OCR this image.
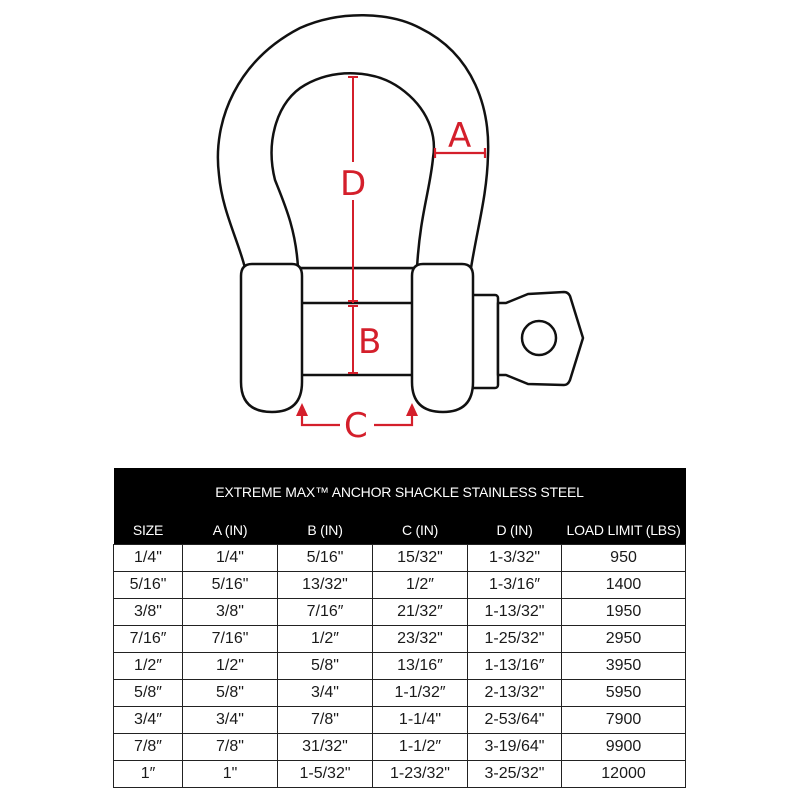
A
D
B
C
EXTREME MAX™ ANCHOR SHACKLE STAINLESS STEEL					
SIZE	A (IN)	B (IN)	C (IN)	D (IN)	LOAD LIMIT (LBS)
1/4"	1/4"	5/16"	15/32"	1-3/32"	950
5/16"	5/16"	13/32"	1/2″	1-3/16″	1400
3/8"	3/8"	7/16″	21/32″	1-13/32"	1950
7/16″	7/16"	1/2″	23/32"	1-25/32"	2950
1/2″	1/2"	5/8"	13/16″	1-13/16″	3950
5/8″	5/8"	3/4"	1-1/32″	2-13/32"	5950
3/4″	3/4"	7/8"	1-1/4"	2-53/64"	7900
7/8″	7/8"	31/32"	1-1/2″	3-19/64"	9900
1″	1"	1-5/32"	1-23/32"	3-25/32"	12000
